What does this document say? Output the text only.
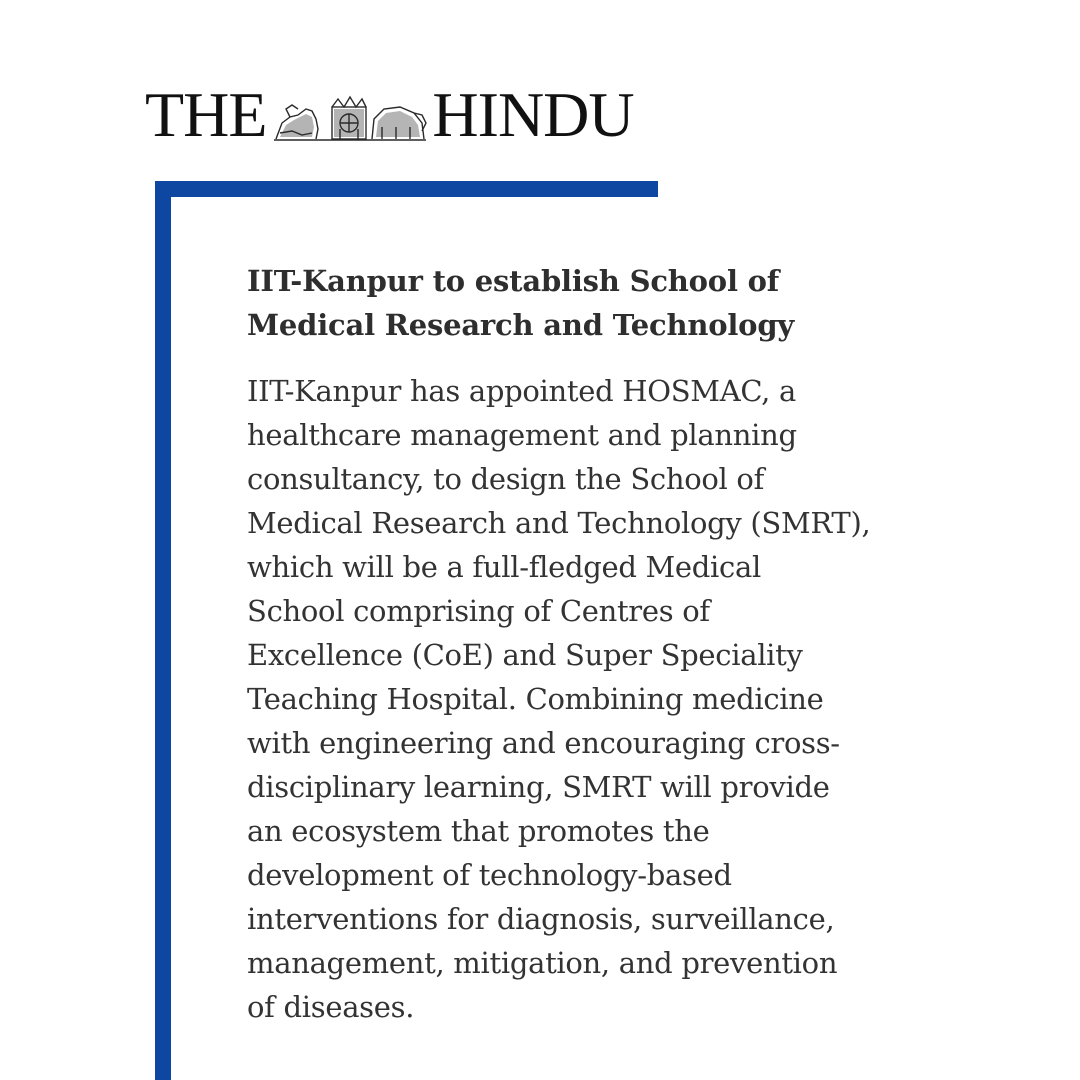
THE	HINDU
IIT-Kanpur to establish School of
Medical Research and Technology

IIT-Kanpur has appointed HOSMAC, a
healthcare management and planning
consultancy, to design the School of
Medical Research and Technology (SMRT),
which will be a full-fledged Medical
School comprising of Centres of
Excellence (CoE) and Super Speciality
Teaching Hospital. Combining medicine
with engineering and encouraging cross-
disciplinary learning, SMRT will provide
an ecosystem that promotes the
development of technology-based
interventions for diagnosis, surveillance,
management, mitigation, and prevention
of diseases.
